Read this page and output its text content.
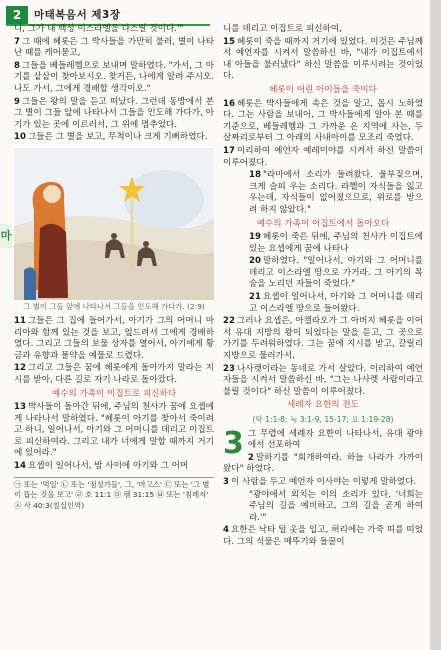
2	마태복음서 제3장

니, 그가 내 백성 이스라엘을 다스릴 것이다.'"

7 그 때에 헤롯은 그 박사들을 가만히 불러, 별이 나타난 때를 캐어묻고,

8 그들을 베들레헴으로 보내며 말하였다. "가서, 그 아기를 샅샅이 찾아보시오. 찾거든, 나에게 알려 주시오. 나도 가서, 그에게 경배할 생각이오."

9 그들은 왕의 말을 듣고 떠났다. 그런데 동방에서 본 그 별이 그들 앞에 나타나서 그들을 인도해 가다가, 아기가 있는 곳에 이르러서, 그 위에 멈추었다.

10 그들은 그 별을 보고, 무척이나 크게 기뻐하였다.

그 별이 그들 앞에 나타나서 그들을 인도해 가다가. (2:9)

11 그들은 그 집에 들어가서, 아기가 그의 어머니 마리아와 함께 있는 것을 보고, 엎드려서 그에게 경배하였다. 그리고 그들의 보물 상자를 열어서, 아기에게 황금과 유향과 몰약을 예물로 드렸다.

12 그리고 그들은 꿈에 헤롯에게 돌아가지 말라는 지시를 받아, 다른 길로 자기 나라로 돌아갔다.

예수의 가족이 이집트로 피신하다

13 박사들이 돌아간 뒤에, 주님의 천사가 꿈에 요셉에게 나타나서 말하였다. "헤롯이 아기를 찾아서 죽이려고 하니, 일어나서, 아기와 그 어머니를 데리고 이집트로 피신하여라. 그리고 내가 너에게 말할 때까지 거기에 있어라."

14 요셉이 일어나서, 밤 사이에 아기와 그 어머

㉠ 또는 '먹일' ㉡ 또는 '점성가들', 그, '마고스' ㉢ 또는 '그 별이 뜹는 것을 보고' ㉣ 호 11:1 ㉤ 렘 31:15 ㉥ 또는 '침례자' ㉦ 사 40:3(칠십인역)

니를 데리고 이집트로 피신하여,

15 헤롯이 죽을 때까지 거기에 있었다. 이것은 주님께서 예언자를 시켜서 말씀하신 바, "내가 이집트에서 내 아들을 불러냈다" 하신 말씀을 이루시려는 것이었다.

헤롯이 어린 아이들을 죽이다

16 헤롯은 박사들에게 속은 것을 알고, 몹시 노하였다. 그는 사람을 보내어, 그 박사들에게 알아 본 때를 기준으로, 베들레헴과 그 가까운 온 지역에 사는, 두 살짜리로부터 그 아래의 사내아이를 모조리 죽였다.

17 이리하여 예언자 예레미야를 시켜서 하신 말씀이 이루어졌다.

18 "라마에서 소리가 들려왔다. 울부짖으며, 크게 슬피 우는 소리다. 라헬이 자식들을 잃고 우는데, 자식들이 없어졌으므로, 위로를 받으려 하지 않았다."

예수의 가족이 이집트에서 돌아오다

19 헤롯이 죽은 뒤에, 주님의 천사가 이집트에 있는 요셉에게 꿈에 나타나

20 말하였다. "일어나서, 아기와 그 어머니를 데리고 이스라엘 땅으로 가거라. 그 아기의 목숨을 노리던 자들이 죽었다."

21 요셉이 일어나서, 아기와 그 어머니를 데리고 이스라엘 땅으로 들어왔다.

22 그러나 요셉은, 아켈라오가 그 아버지 헤롯을 이어서 유대 지방의 왕이 되었다는 말을 듣고, 그 곳으로 가기를 두려워하였다. 그는 꿈에 지시를 받고, 갈릴리 지방으로 물러가서,

23 나사렛이라는 동네로 가서 살았다. 이리하여 예언자들을 시켜서 말씀하신 바, "그는 나사렛 사람이라고 불릴 것이다" 하신 말씀이 이루어졌다.

세례자 요한의 전도
(막 1:1-8; 눅 3:1-9, 15-17; 요 1:19-28)

3 그 무렵에 세례자 요한이 나타나서, 유대 광야에서 선포하여

2 말하기를 "회개하여라. 하늘 나라가 가까이 왔다" 하였다.

3 이 사람을 두고 예언자 이사야는 이렇게 말하였다.

"광야에서 외치는 이의 소리가 있다. '너희는 주님의 길을 예비하고, 그의 길을 곧게 하여라.'"

4 요한은 낙타 털 옷을 입고, 허리에는 가죽 띠를 띠었다. 그의 식물은 메뚜기와 들꿀이

마
